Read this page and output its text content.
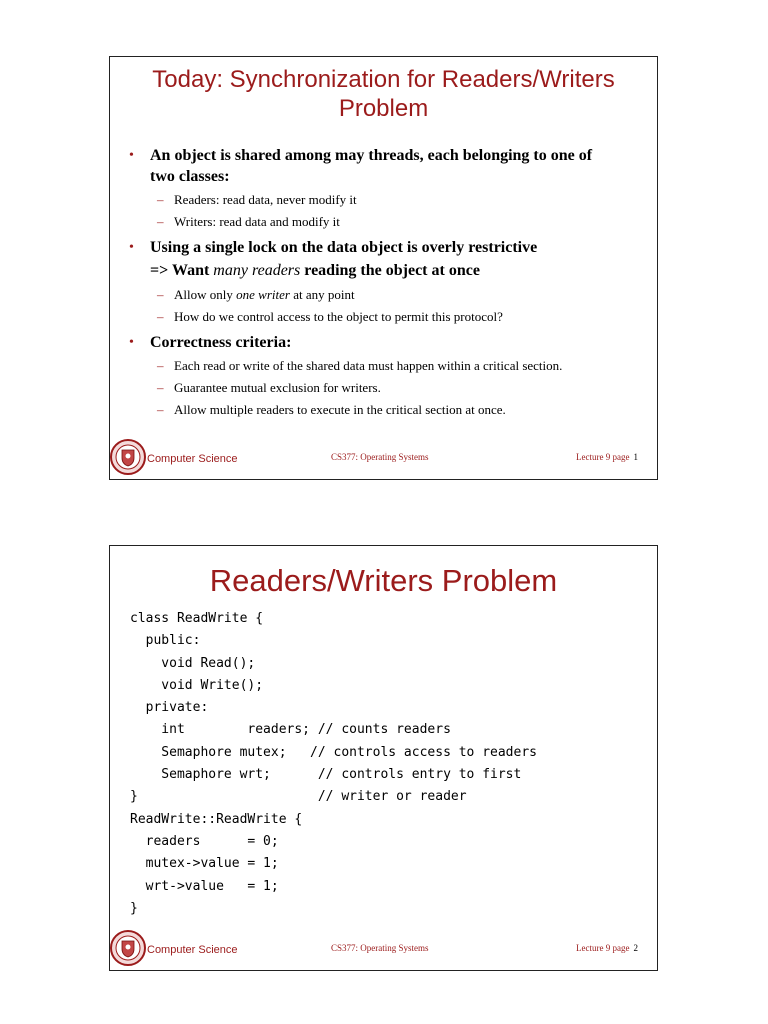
Today: Synchronization for Readers/Writers
Problem
• An object is shared among may threads, each belonging to one of
two classes:
– Readers: read data, never modify it
– Writers: read data and modify it
• Using a single lock on the data object is overly restrictive
=> Want many readers reading the object at once
– Allow only one writer at any point
– How do we control access to the object to permit this protocol?
• Correctness criteria:
– Each read or write of the shared data must happen within a critical section.
– Guarantee mutual exclusion for writers.
– Allow multiple readers to execute in the critical section at once.
Computer Science	CS377: Operating Systems	Lecture 9 page 1
Readers/Writers Problem
class ReadWrite {
public:
void Read();
void Write();
private:
int        readers; // counts readers
Semaphore mutex;   // controls access to readers
Semaphore wrt;      // controls entry to first
}                       // writer or reader
ReadWrite::ReadWrite {
readers      = 0;
mutex->value = 1;
wrt->value   = 1;
}
Computer Science	CS377: Operating Systems	Lecture 9 page 2
